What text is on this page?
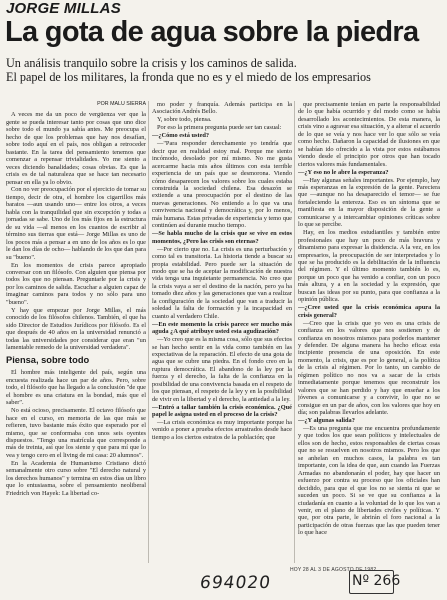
JORGE MILLAS
La gota de agua sobre la piedra
Un análisis tranquilo sobre la crisis y los caminos de salida.
El papel de los militares, la fronda que no es y el miedo de los empresarios
POR MALU SIERRA

A veces me da un poco de vergüenza ver que la gente se pueda interesar tanto por cosas que uno dice sobre todo el mundo ya sabía antes. Me preocupa el hecho de que los problemas que hay nos desafían, sobre todo aquí en el país, nos obligan a retroceder bastante. En la tarea del pensamiento tenemos que comenzar a repensar trivialidades. Yo me siento a veces diciendo banalidades; cosas obvias. Es que la crisis es de tal naturaleza que se hace tan necesario pensar en ella ya lo obvio.

Con no ver preocupación por el ejercicio de tomar su tiempo, decir de otra, el hombre los cigarrillos más baratos —aun usando uno— entre los otros, a veces habla con la tranquilidad que sin excepción y todas a jornadas se sabe. Uno de los más fijos en la estructura de su vida —al menos en los cuantos de escribir al término sus tierras que está— Jorge Millas es uno de los pocos más a pensar a en uno de los años es lo que le dan los días de ocho— hablando de los que dan para su "bueno".

En los momentos de crisis parece apropiado conversar con un filósofo. Con alguien que piensa por todos los que no piensan. Preguntarle por la crisis y por los caminos de salida. Escuchar a alguien capaz de imaginar caminos para todos y no sólo para uno "bueno".

Y hay que empezar por Jorge Millas, el más conocido de los filósofos chilenos. También, el que ha sido Director de Estudios Jurídicos por filósofo. Es el que después de 40 años en la universidad renunció a todas las universidades por considerar que eran "un lamentable remedo de la universidad verdadera".

Piensa, sobre todo

El hombre más inteligente del país, según una encuesta realizada hace un par de años. Pero, sobre todo, el filósofo que ha llegado a la conclusión "de que el hombre es una criatura en la bondad, más que el saber".

No está ocioso, precisamente. El octavo filósofo que hace en el curso, en memoria de las que más se refieren, tuvo bastante más éxito que esperado por el mismo, que se conformaba con unos seis oyentes dispuestos. "Tengo una matrícula que corresponde a más de treinta, así que los siente y que para mí que lo vea y tengo cero en el living de mi casa: 20 alumnos".

En la Academia de Humanismo Cristiano dictó semanalmente otro curso sobre "El derecho natural y los derechos humanos" y termina en estos días un libro que lo entusiasma, sobre el pensamiento neoliberal Friedrich von Hayek: La libertad co-

mo poder y franquía. Además participa en la Asociación Andrés Bello.

Y, sobre todo, piensa.

Por eso la primera pregunta puede ser tan casual:

—¿Cómo está usted?

—"Para responder derechamente yo tendría que decir que en realidad estoy mal. Porque me siento incómodo, desolado por mí mismo. No me gusta acercarme hacia mis años últimos con esta terrible experiencia de un país que se desmorona. Viendo cómo desaparecen los valores sobre los cuales estaba construida la sociedad chilena. Esa desazón se extiende a una preocupación por el destino de las nuevas generaciones. No entiendo a lo que va una convivencia nacional y democrática y, por lo menos, más humana. Estas privadas de experiencia y temo que continúen así durante mucho tiempo.

—Se habla mucho de la crisis que se vive en estos momentos, ¿Pero las crisis son eternas?

—Por cierto que no. La crisis es una perturbación y como tal es transitoria. La historia tiende a buscar su propia estabilidad. Pero puede ser la situación de modo que se ha de aceptar la modificación de nuestra vida tenga una inquietante permanencia. No creo que la crisis vaya a ser el destino de la nación, pero ya ha tomado diez años y las generaciones que van a realizar la configuración de la sociedad que van a traducir la soledad la falta de formación y la incapacidad en cuanto al verdadero Chile.

—En este momento la crisis parece ser mucho más aguda ¿A qué atribuye usted esta agudización?

—Yo creo que es la misma cosa, sólo que sus efectos se han hecho sentir en la vida como también en las expectativas de la reparación. El efecto de una gota de agua que se cubre una piedra. En el fondo creo en la ruptura democrática. El abandono de la ley por la fuerza y el derecho, la falta de la confianza en la posibilidad de una convivencia basada en el respeto de los que piensan, el respeto de la ley y en la posibilidad de vivir en la libertad y el derecho, la antiedad a la ley.

—Entró a tallar también la crisis económica. ¿Qué papel le asigna usted en el proceso de la crisis?

—La crisis económica es muy importante porque ha venido a poner a prueba efectos arrastrados desde hace tiempo a los ciertos estratos de la población; que

que precisamente tenían en parte la responsabilidad de lo que había ocurrido y del modo como se había desarrollado los acontecimientos. De esta manera, la crisis vino a agravar esa situación, y a alterar el acuerdo de lo que se veía y nos hace ver lo que sólo se veía como hecho. Dañaron la capacidad de ilusiones en que se habían ido ofrecido a la vista por estos estábamos viendo desde el principio por otros que han tocado ciertos valores más fundamentales.

—¿Y eso no le abre la esperanza?

—Hay algunas señales importantes. Por ejemplo, hay más esperanzas en la expresión de la gente. Pareciera que —aunque no ha desaparecido el temor— se fue fortaleciendo la entereza. Eso es un síntoma que se manifiesta en la mayor disposición de la gente a comunicarse y a intercambiar opiniones críticas sobre lo que se percibe.

Hay, en los medios estudiantiles y también entre profesionales que hay un poco de más bravura y dinamismo para expresar la disidencia. A la vez, en los empresarios, la preocupación de ser interpretados y lo que se ha producido es la debilitación de la influencia del régimen. Y el último momento también lo es, porque un poco que ha venido a confiar, con un poco más altura, y a en la sociedad y la expresión, que buscan las ideas por su punto, para que confianza a la opinión pública.

—¿Cree usted que la crisis económica apura la crisis general?

—Creo que la crisis que yo veo es una crisis de confianza en los valores que nos sostienen y de confianza en nosotros mismos para poderlos mantener y defender. De alguna manera ha hecho eficaz esta incipiente presencia de una oposición. En este momento, la crisis, que es por lo general, a la política de la crisis al régimen. Por lo tanto, un cambio de régimen político no nos va a sacar de la crisis inmediatamente porque tenemos que reconstruir los valores que se han perdido y hay que enseñar a los jóvenes a comunicarse y a convivir, lo que no se consigue en un par de años, con los valores que hoy en día; son palabras llevarlos adelante.

—¿Y algunas salida?

—Es una pregunta que me encuentra profundamente y que todos los que sean políticos y intelectuales de ellos son de hecho, estos responsables de ciertas cosas que no se resuelven en nosotros mismos. Pero los que se anhelan en muchos casos, la palabra es tan importante, con la idea de que, aun cuando las Fuerzas Armadas no abandonarán el poder, hay que hacer un esfuerzo por contra su proceso que los oficiales han decidido, para que el que los no se sienta ni que se suceden un poco. Si se ve que su confianza a la ciudadanía en cuanto a la voluntad de lo que los van a venir, en el plano de libertades civiles y políticas. Y que, por otra parte, le abrirán el foro nacional a la participación de otras fuerzas que las que pueden tener lo que hace

HOY 28 AL 3 DE AGOSTO DE 1982
694020	Nº 266
